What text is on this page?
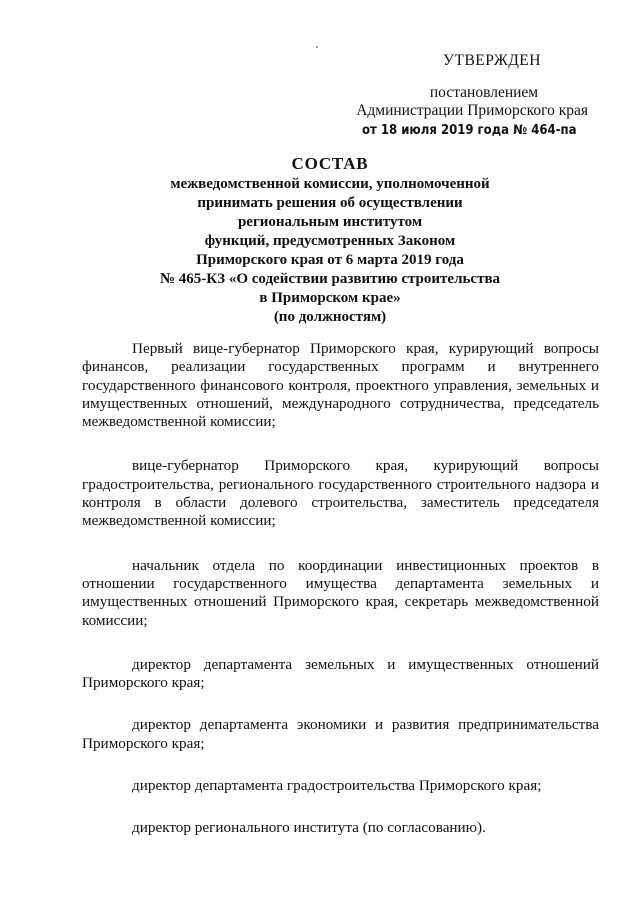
УТВЕРЖДЕН
постановлением
Администрации Приморского края
от 18 июля 2019 года № 464-па
СОСТАВ
межведомственной комиссии, уполномоченной
принимать решения об осуществлении
региональным институтом
функций, предусмотренных Законом
Приморского края от 6 марта 2019 года
№ 465-КЗ «О содействии развитию строительства
в Приморском крае»
(по должностям)

Первый вице-губернатор Приморского края, курирующий вопросы финансов, реализации государственных программ и внутреннего государственного финансового контроля, проектного управления, земельных и имущественных отношений, международного сотрудничества, председатель межведомственной комиссии;

вице-губернатор Приморского края, курирующий вопросы градостроительства, регионального государственного строительного надзора и контроля в области долевого строительства, заместитель председателя межведомственной комиссии;

начальник отдела по координации инвестиционных проектов в отношении государственного имущества департамента земельных и имущественных отношений Приморского края, секретарь межведомственной комиссии;

директор департамента земельных и имущественных отношений Приморского края;

директор департамента экономики и развития предпринимательства Приморского края;

директор департамента градостроительства Приморского края;

директор регионального института (по согласованию).
